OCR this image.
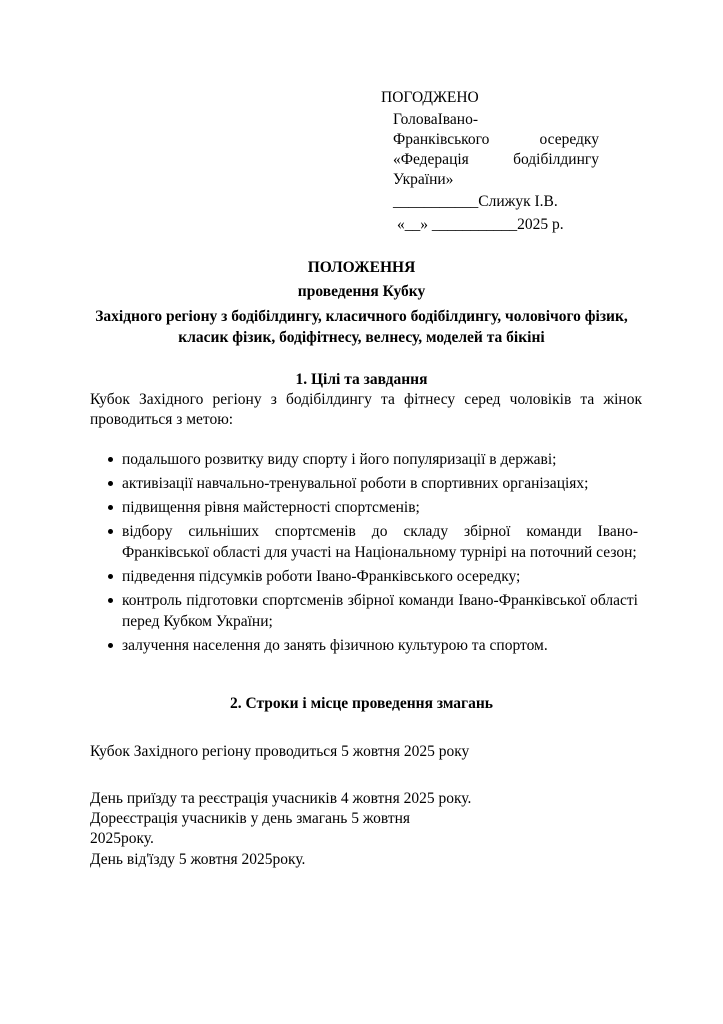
ПОГОДЖЕНО
ГоловаІвано-
Франківського осередку
«Федерація бодібілдингу
України»
___________Слижук І.В.
«__» ___________2025 р.
ПОЛОЖЕННЯ
проведення Кубку
Західного регіону з бодібілдингу, класичного бодібілдингу, чоловічого фізик, класик фізик, бодіфітнесу, велнесу, моделей та бікіні
1. Цілі та завдання
Кубок Західного регіону з бодібілдингу та фітнесу серед чоловіків та жінок проводиться з метою:
подальшого розвитку виду спорту і його популяризації в державі;
активізації навчально-тренувальної роботи в спортивних організаціях;
підвищення рівня майстерності спортсменів;
відбору сильніших спортсменів до складу збірної команди Івано-Франківської області для участі на Національному турнірі на поточний сезон;
підведення підсумків роботи Івано-Франківського осередку;
контроль підготовки спортсменів збірної команди Івано-Франківської області перед Кубком України;
залучення населення до занять фізичною культурою та спортом.
2. Строки і місце проведення змагань
Кубок Західного регіону проводиться 5 жовтня 2025 року
День приїзду та реєстрація учасників 4 жовтня 2025 року.
Дореєстрація учасників у день змагань 5 жовтня 2025року.
День від'їзду 5 жовтня 2025року.
